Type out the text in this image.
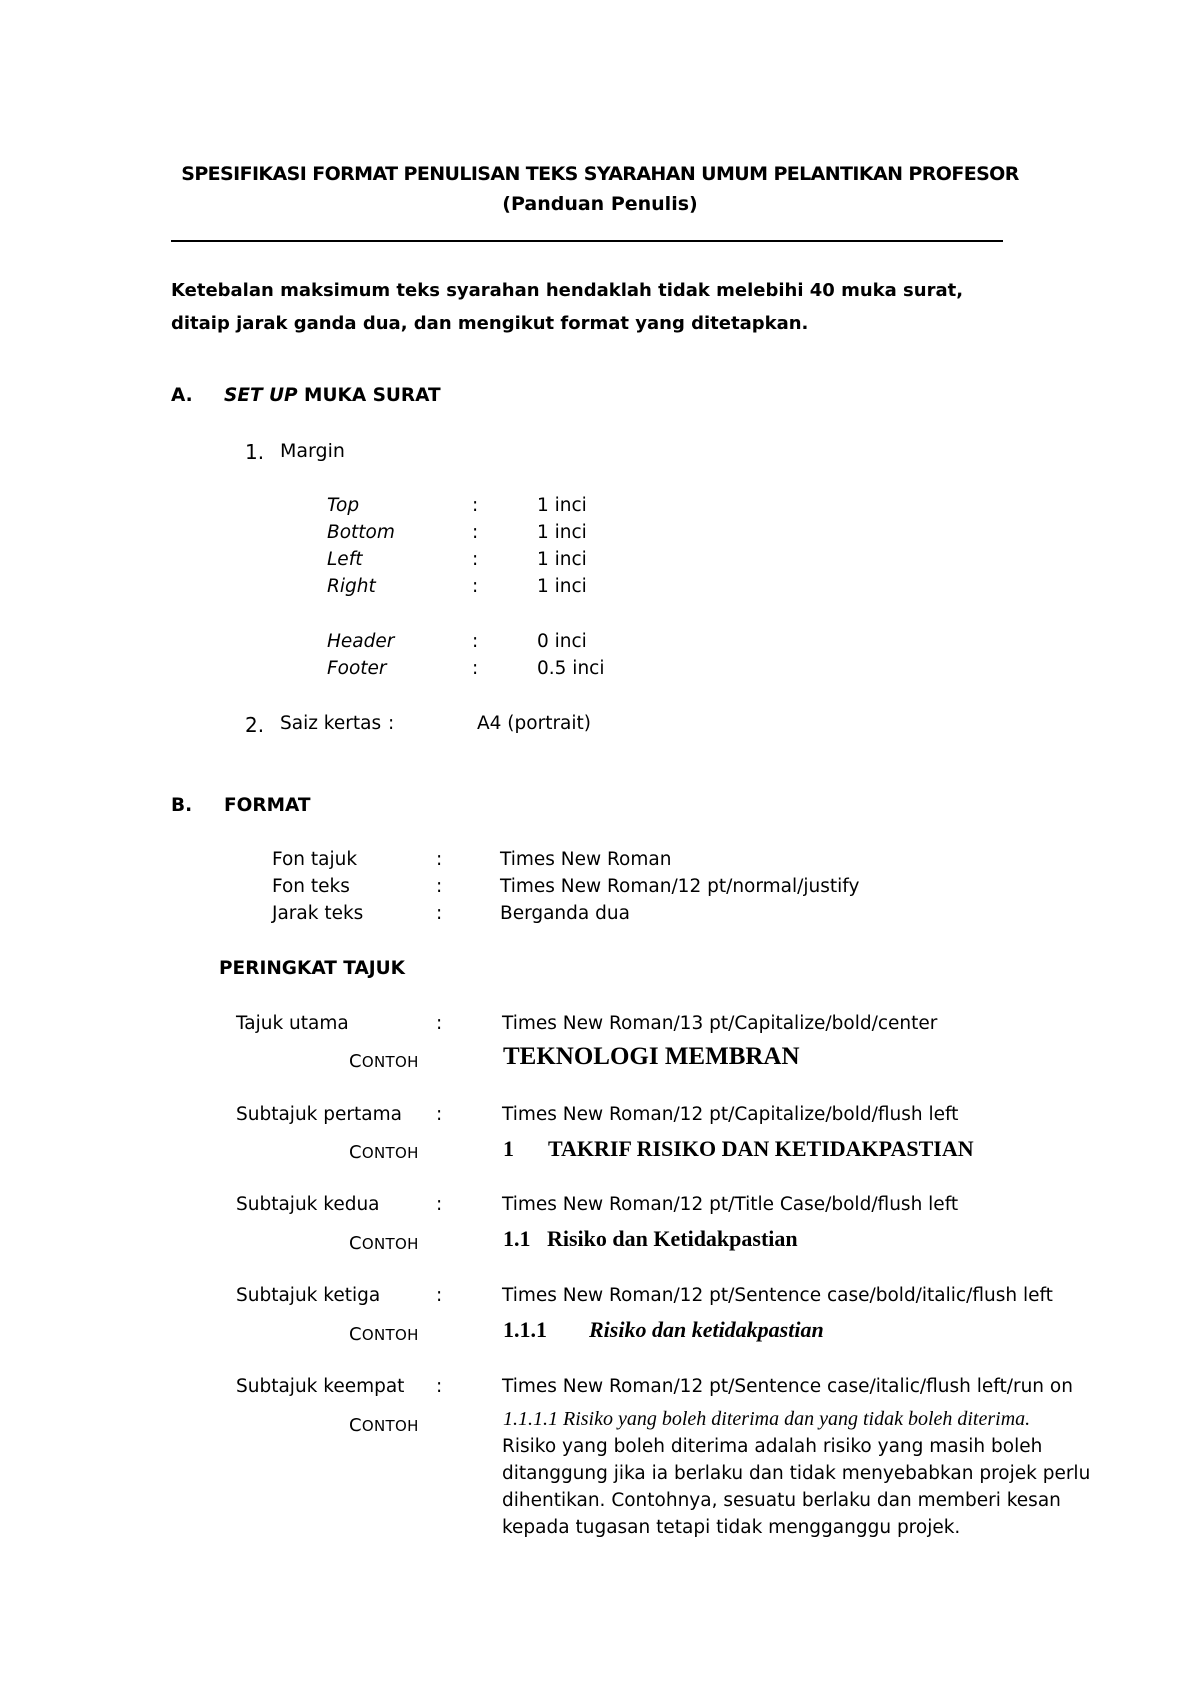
SPESIFIKASI FORMAT PENULISAN TEKS SYARAHAN UMUM PELANTIKAN PROFESOR
(Panduan Penulis)
Ketebalan maksimum teks syarahan hendaklah tidak melebihi 40 muka surat, ditaip jarak ganda dua, dan mengikut format yang ditetapkan.
A. SET UP MUKA SURAT
1. Margin
Top	:	1 inci
Bottom	:	1 inci
Left	:	1 inci
Right	:	1 inci
Header	:	0 inci
Footer	:	0.5 inci
2. Saiz kertas :	A4 (portrait)
B. FORMAT
Fon tajuk	:	Times New Roman
Fon teks	:	Times New Roman/12 pt/normal/justify
Jarak teks	:	Berganda dua
PERINGKAT TAJUK
Tajuk utama	:	Times New Roman/13 pt/Capitalize/bold/center
CONTOH	TEKNOLOGI MEMBRAN
Subtajuk pertama :	Times New Roman/12 pt/Capitalize/bold/flush left
CONTOH	1 TAKRIF RISIKO DAN KETIDAKPASTIAN
Subtajuk kedua	:	Times New Roman/12 pt/Title Case/bold/flush left
CONTOH	1.1 Risiko dan Ketidakpastian
Subtajuk ketiga	:	Times New Roman/12 pt/Sentence case/bold/italic/flush left
CONTOH	1.1.1 Risiko dan ketidakpastian
Subtajuk keempat :	Times New Roman/12 pt/Sentence case/italic/flush left/run on
CONTOH	1.1.1.1 Risiko yang boleh diterima dan yang tidak boleh diterima.
Risiko yang boleh diterima adalah risiko yang masih boleh ditanggung jika ia berlaku dan tidak menyebabkan projek perlu dihentikan. Contohnya, sesuatu berlaku dan memberi kesan kepada tugasan tetapi tidak mengganggu projek.
